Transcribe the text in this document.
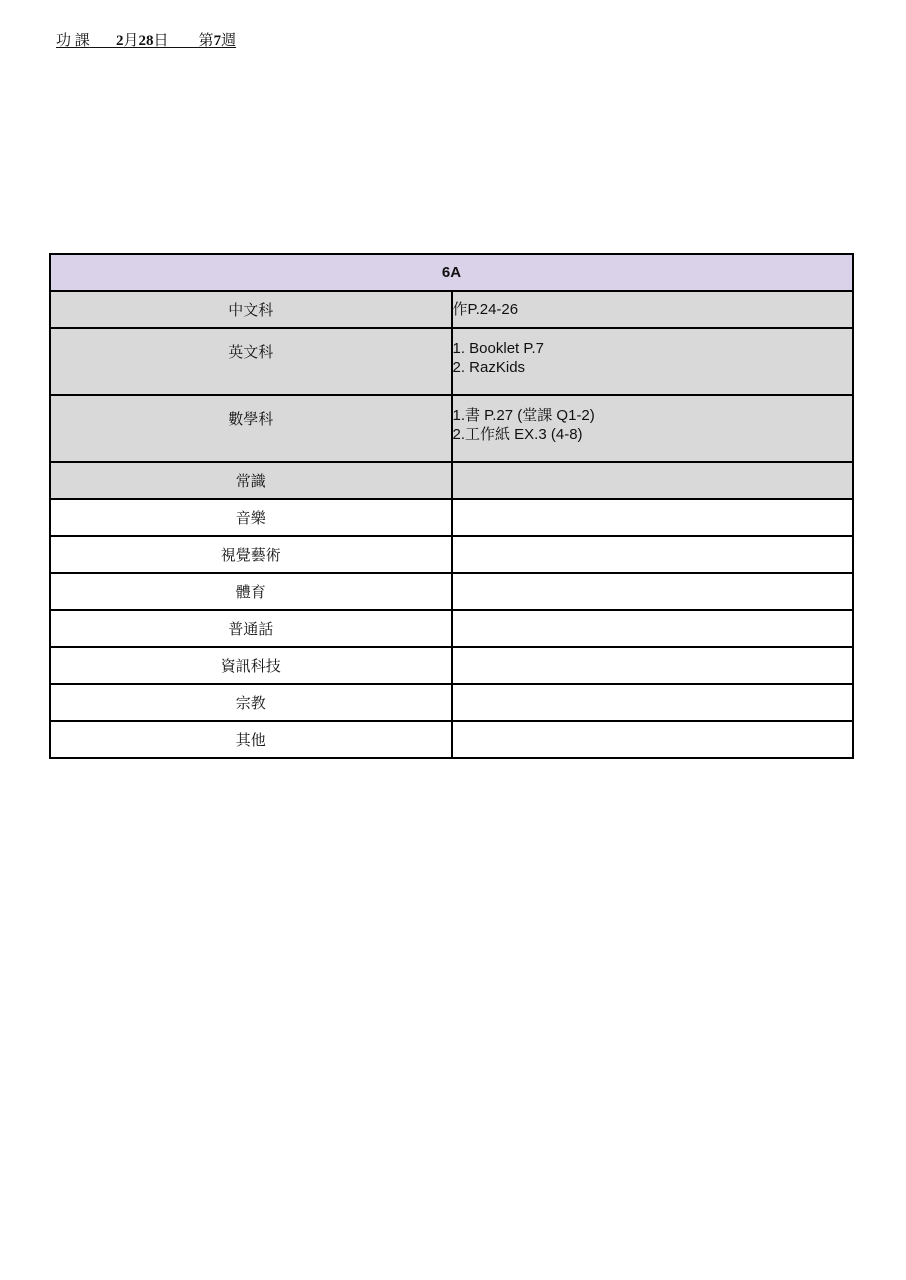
功 課 2月28日 第7週
6A	
中文科	作P.24-26

英文科	1. Booklet P.7
2. RazKids

數學科	1.書 P.27 (堂課 Q1-2)
2.工作紙 EX.3 (4-8)

常識	
音樂	
視覺藝術	
體育	
普通話	
資訊科技	
宗教	
其他	
